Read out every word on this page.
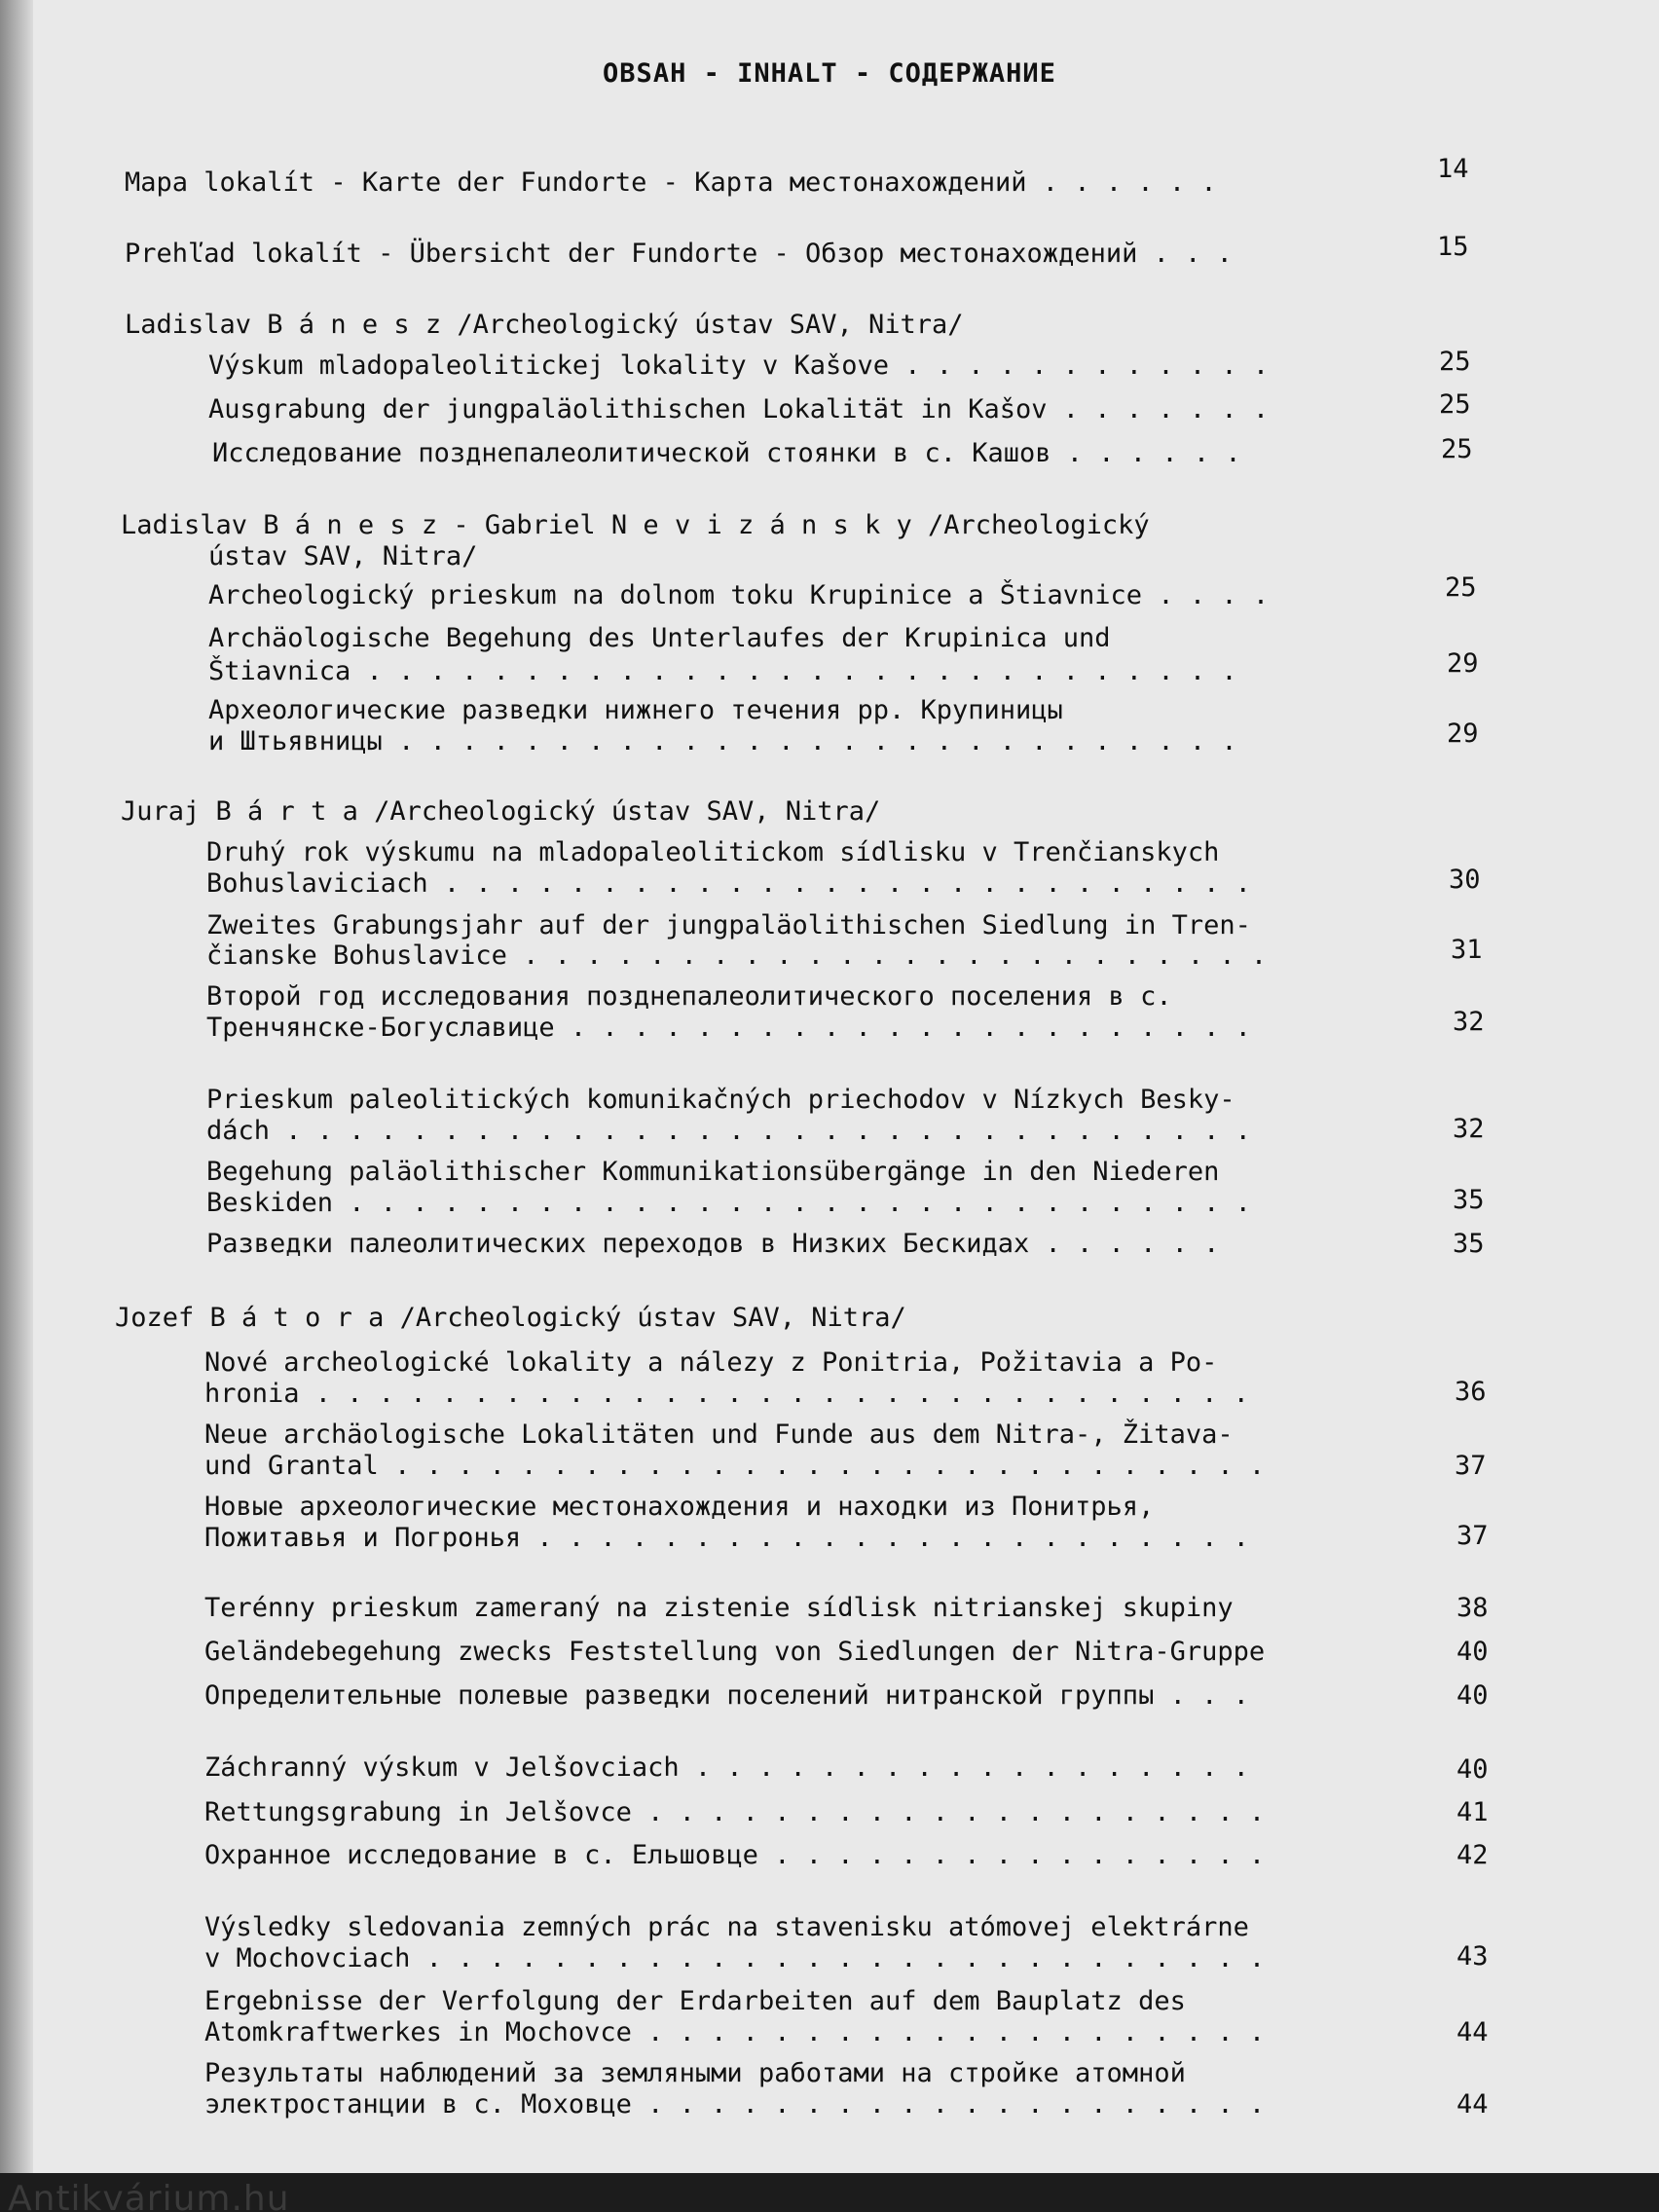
OBSAH - INHALT - СОДЕРЖАНИЕ
Mapa lokalít - Karte der Fundorte - Карта местонахождений . . . . . .	14
Prehľad lokalít - Übersicht der Fundorte - Обзор местонахождений . . .	15
Ladislav B á n e s z /Archeologický ústav SAV, Nitra/
Výskum mladopaleolitickej lokality v Kašove . . . . . . . . . . . .	25
Ausgrabung der jungpaläolithischen Lokalität in Kašov . . . . . . .	25
Исследование позднепалеолитической стоянки в с. Кашов . . . . . .	25
Ladislav B á n e s z - Gabriel N e v i z á n s k y /Archeologický
ústav SAV, Nitra/
Archeologický prieskum na dolnom toku Krupinice a Štiavnice . . . .	25
Archäologische Begehung des Unterlaufes der Krupinica und
Štiavnica . . . . . . . . . . . . . . . . . . . . . . . . . . . .	29
Археологические разведки нижнего течения рр. Крупиницы
и Штьявницы . . . . . . . . . . . . . . . . . . . . . . . . . . .	29
Juraj B á r t a /Archeologický ústav SAV, Nitra/
Druhý rok výskumu na mladopaleolitickom sídlisku v Trenčianskych
Bohuslaviciach . . . . . . . . . . . . . . . . . . . . . . . . . .	30
Zweites Grabungsjahr auf der jungpaläolithischen Siedlung in Tren-
čianske Bohuslavice . . . . . . . . . . . . . . . . . . . . . . . .	31
Второй год исследования позднепалеолитического поселения в с.
Тренчянске-Богуславице . . . . . . . . . . . . . . . . . . . . . .	32
Prieskum paleolitických komunikačných priechodov v Nízkych Besky-
dách . . . . . . . . . . . . . . . . . . . . . . . . . . . . . . .	32
Begehung paläolithischer Kommunikationsübergänge in den Niederen
Beskiden . . . . . . . . . . . . . . . . . . . . . . . . . . . . .	35
Разведки палеолитических переходов в Низких Бескидах . . . . . .	35
Jozef B á t o r a /Archeologický ústav SAV, Nitra/
Nové archeologické lokality a nálezy z Ponitria, Požitavia a Po-
hronia . . . . . . . . . . . . . . . . . . . . . . . . . . . . . .	36
Neue archäologische Lokalitäten und Funde aus dem Nitra-, Žitava-
und Grantal . . . . . . . . . . . . . . . . . . . . . . . . . . . .	37
Новые археологические местонахождения и находки из Понитрья,
Пожитавья и Погронья . . . . . . . . . . . . . . . . . . . . . . .	37
Terénny prieskum zameraný na zistenie sídlisk nitrianskej skupiny	38
Geländebegehung zwecks Feststellung von Siedlungen der Nitra-Gruppe	40
Определительные полевые разведки поселений нитранской группы . . .	40
Záchranný výskum v Jelšovciach . . . . . . . . . . . . . . . . . .	40
Rettungsgrabung in Jelšovce . . . . . . . . . . . . . . . . . . . .	41
Охранное исследование в с. Ельшовце . . . . . . . . . . . . . . . .	42
Výsledky sledovania zemných prác na stavenisku atómovej elektrárne
v Mochovciach . . . . . . . . . . . . . . . . . . . . . . . . . . .	43
Ergebnisse der Verfolgung der Erdarbeiten auf dem Bauplatz des
Atomkraftwerkes in Mochovce . . . . . . . . . . . . . . . . . . . .	44
Результаты наблюдений за земляными работами на стройке атомной
электростанции в с. Моховце . . . . . . . . . . . . . . . . . . . .	44
Antikvárium.hu
